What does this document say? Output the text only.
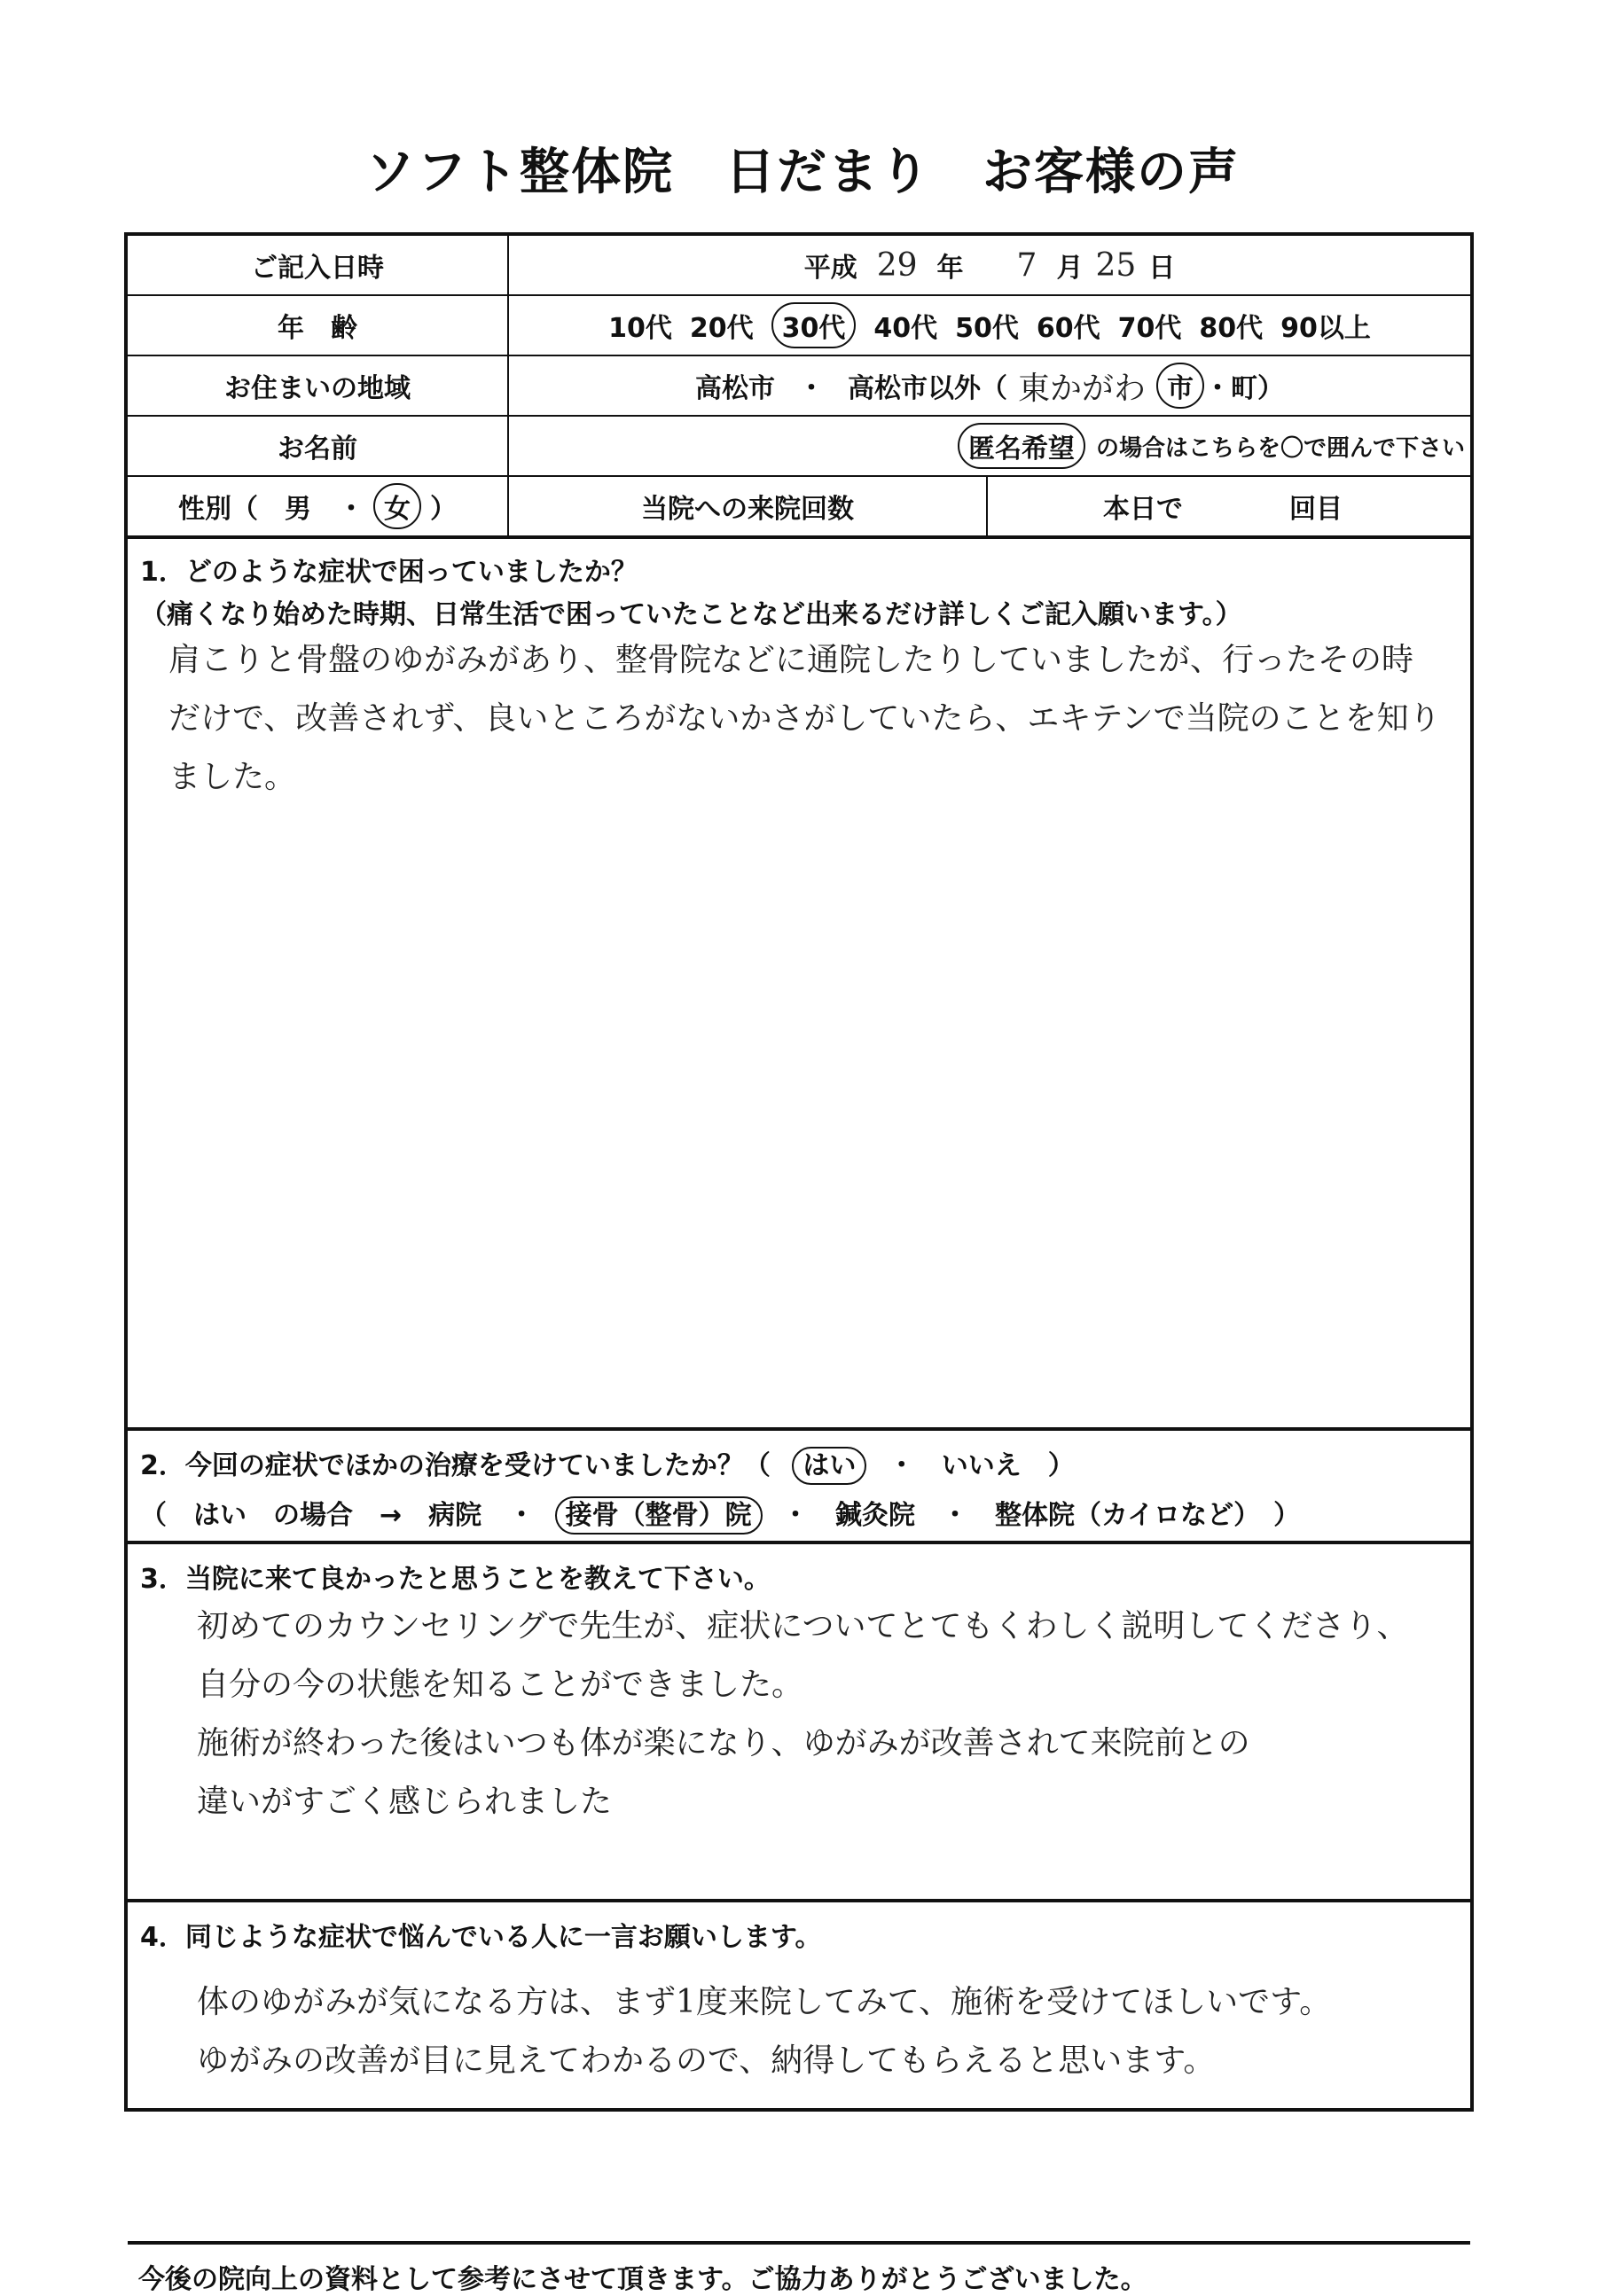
ソフト整体院　日だまり　お客様の声
ご記入日時	平成 29 年 7 月 25 日
年　齢	10代 20代	30代	40代 50代 60代 70代 80代 90以上
お住まいの地域	高松市 ・ 高松市以外（ 東かがわ 市 ・町）
お名前	匿名希望 の場合はこちらを〇で囲んで下さい
性別（　男　・ 女 ）	当院への来院回数	本日で	回目
1．どのような症状で困っていましたか？
（痛くなり始めた時期、日常生活で困っていたことなど出来るだけ詳しくご記入願います。）
肩こりと骨盤のゆがみがあり、整骨院などに通院したりしていましたが、行ったその時
だけで、改善されず、良いところがないかさがしていたら、エキテンで当院のことを知り
ました。
2．今回の症状でほかの治療を受けていましたか？（ はい ・　いいえ　）
（　はい　の場合　→　病院　・ 接骨（整骨）院 ・　鍼灸院　・　整体院（カイロなど）　）
3．当院に来て良かったと思うことを教えて下さい。
初めてのカウンセリングで先生が、症状についてとてもくわしく説明してくださり、
自分の今の状態を知ることができました。
施術が終わった後はいつも体が楽になり、ゆがみが改善されて来院前との
違いがすごく感じられました
4．同じような症状で悩んでいる人に一言お願いします。
体のゆがみが気になる方は、まず1度来院してみて、施術を受けてほしいです。
ゆがみの改善が目に見えてわかるので、納得してもらえると思います。
今後の院向上の資料として参考にさせて頂きます。ご協力ありがとうございました。
